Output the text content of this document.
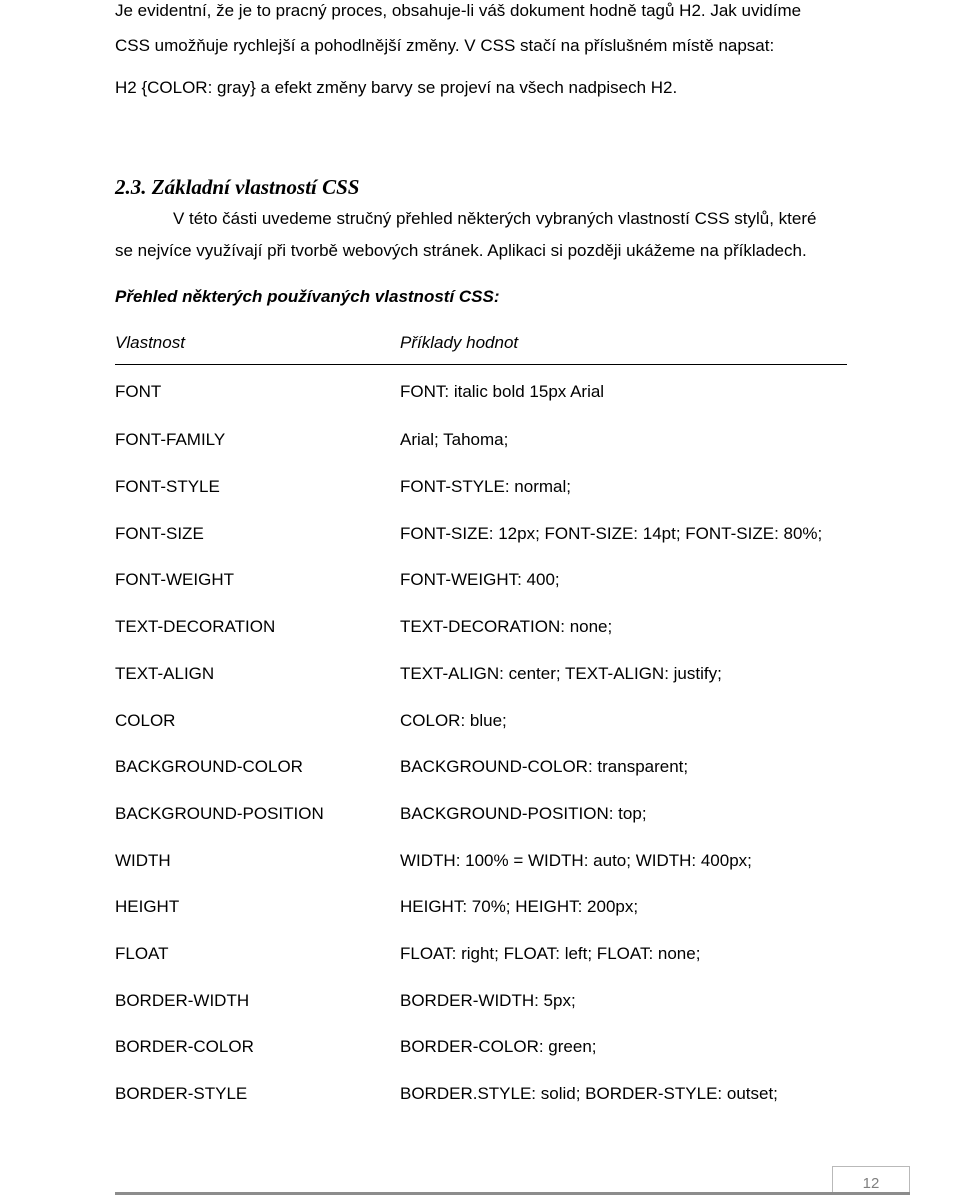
Je evidentní, že je to pracný proces, obsahuje-li váš dokument hodně tagů H2. Jak uvidíme
CSS umožňuje rychlejší a pohodlnější změny. V CSS stačí na příslušném místě napsat:
H2 {COLOR: gray} a efekt změny barvy se projeví na všech nadpisech H2.
2.3. Základní vlastností CSS
V této části uvedeme stručný přehled některých vybraných vlastností CSS stylů, které
se nejvíce využívají při tvorbě webových stránek. Aplikaci si později ukážeme na příkladech.
Přehled některých používaných vlastností CSS:
Vlastnost	Příklady hodnot
FONT	FONT: italic bold 15px Arial
FONT-FAMILY	Arial; Tahoma;
FONT-STYLE	FONT-STYLE: normal;
FONT-SIZE	FONT-SIZE: 12px; FONT-SIZE: 14pt; FONT-SIZE: 80%;
FONT-WEIGHT	FONT-WEIGHT: 400;
TEXT-DECORATION	TEXT-DECORATION: none;
TEXT-ALIGN	TEXT-ALIGN: center; TEXT-ALIGN: justify;
COLOR	COLOR: blue;
BACKGROUND-COLOR	BACKGROUND-COLOR: transparent;
BACKGROUND-POSITION	BACKGROUND-POSITION: top;
WIDTH	WIDTH: 100% = WIDTH: auto; WIDTH: 400px;
HEIGHT	HEIGHT: 70%; HEIGHT: 200px;
FLOAT	FLOAT: right; FLOAT: left; FLOAT: none;
BORDER-WIDTH	BORDER-WIDTH: 5px;
BORDER-COLOR	BORDER-COLOR: green;
BORDER-STYLE	BORDER.STYLE: solid; BORDER-STYLE: outset;
12
